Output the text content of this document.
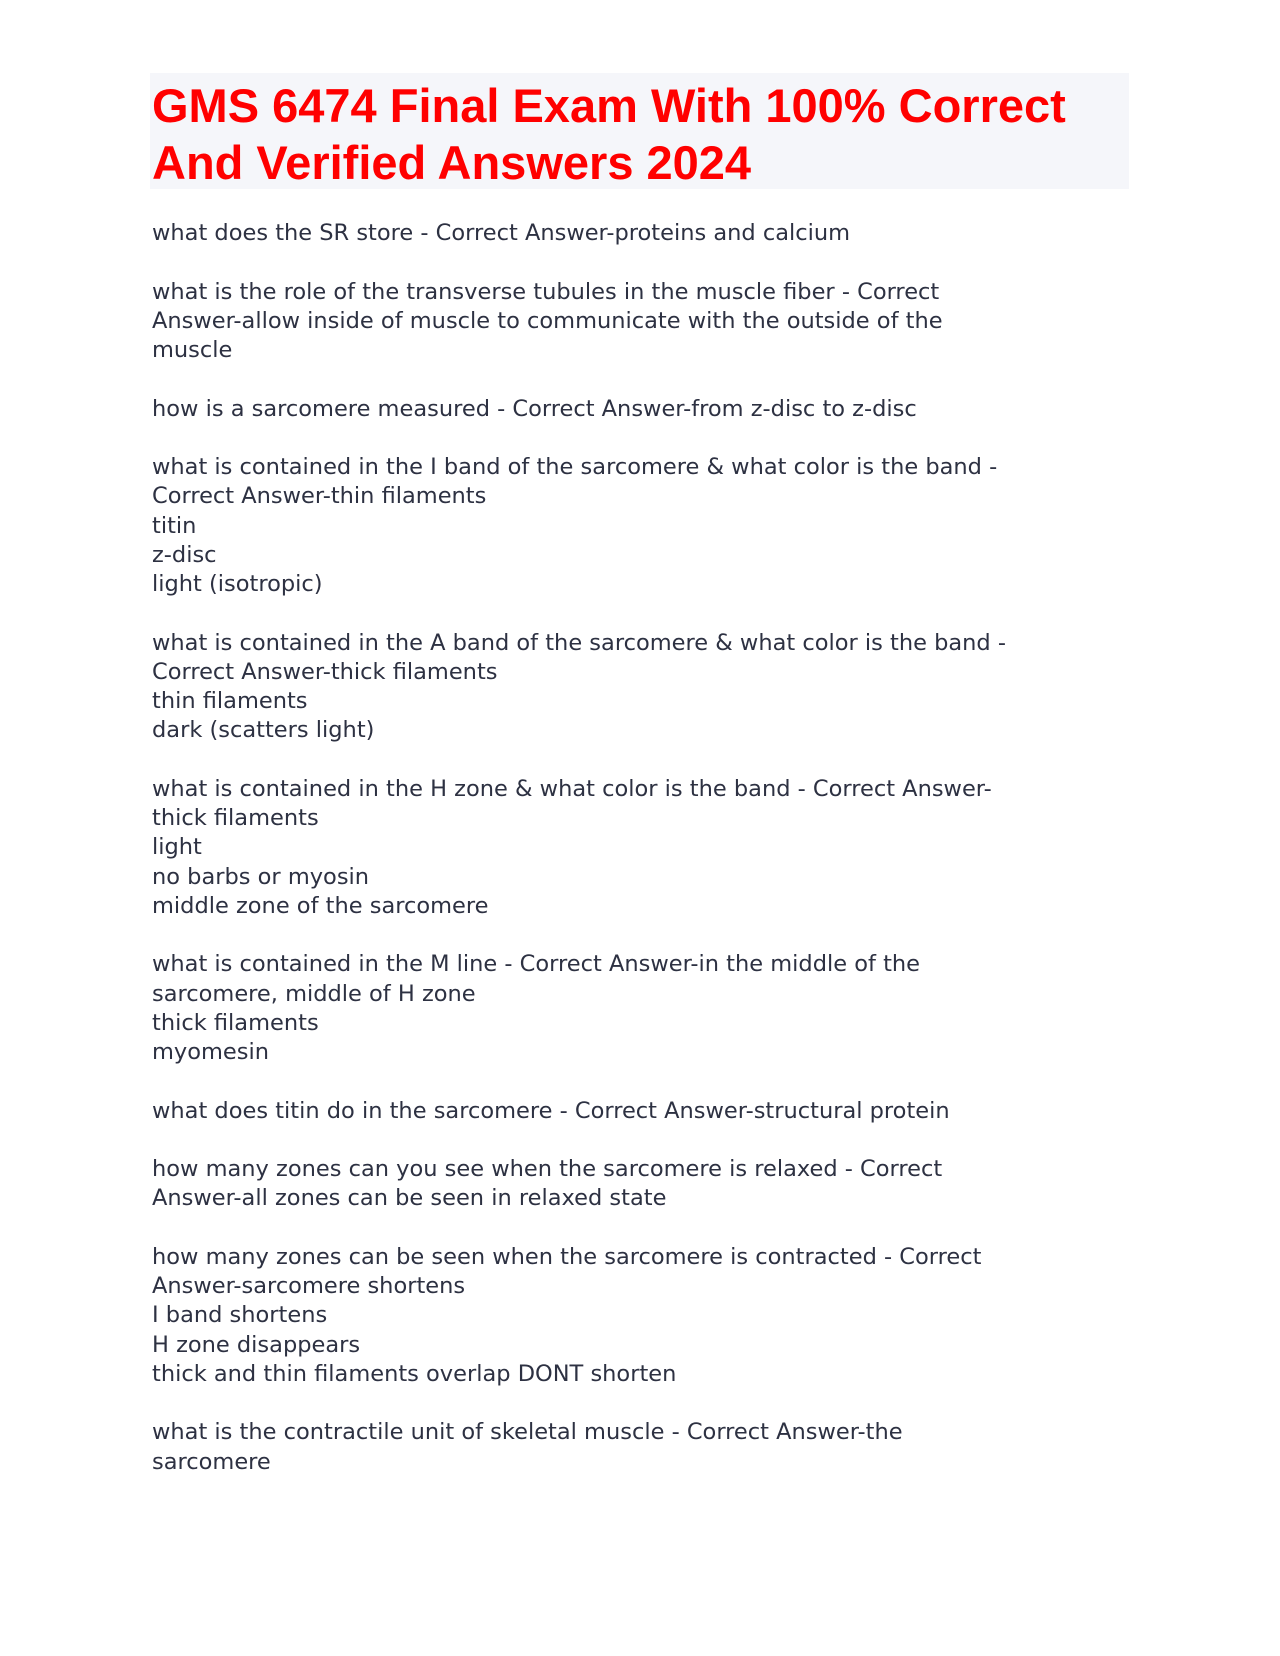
GMS 6474 Final Exam With 100% Correct
And Verified Answers 2024

what does the SR store - Correct Answer-proteins and calcium

what is the role of the transverse tubules in the muscle fiber - Correct
Answer-allow inside of muscle to communicate with the outside of the
muscle

how is a sarcomere measured - Correct Answer-from z-disc to z-disc

what is contained in the I band of the sarcomere & what color is the band -
Correct Answer-thin filaments
titin
z-disc
light (isotropic)

what is contained in the A band of the sarcomere & what color is the band -
Correct Answer-thick filaments
thin filaments
dark (scatters light)

what is contained in the H zone & what color is the band - Correct Answer-
thick filaments
light
no barbs or myosin
middle zone of the sarcomere

what is contained in the M line - Correct Answer-in the middle of the
sarcomere, middle of H zone
thick filaments
myomesin

what does titin do in the sarcomere - Correct Answer-structural protein

how many zones can you see when the sarcomere is relaxed - Correct
Answer-all zones can be seen in relaxed state

how many zones can be seen when the sarcomere is contracted - Correct
Answer-sarcomere shortens
I band shortens
H zone disappears
thick and thin filaments overlap DONT shorten

what is the contractile unit of skeletal muscle - Correct Answer-the
sarcomere
